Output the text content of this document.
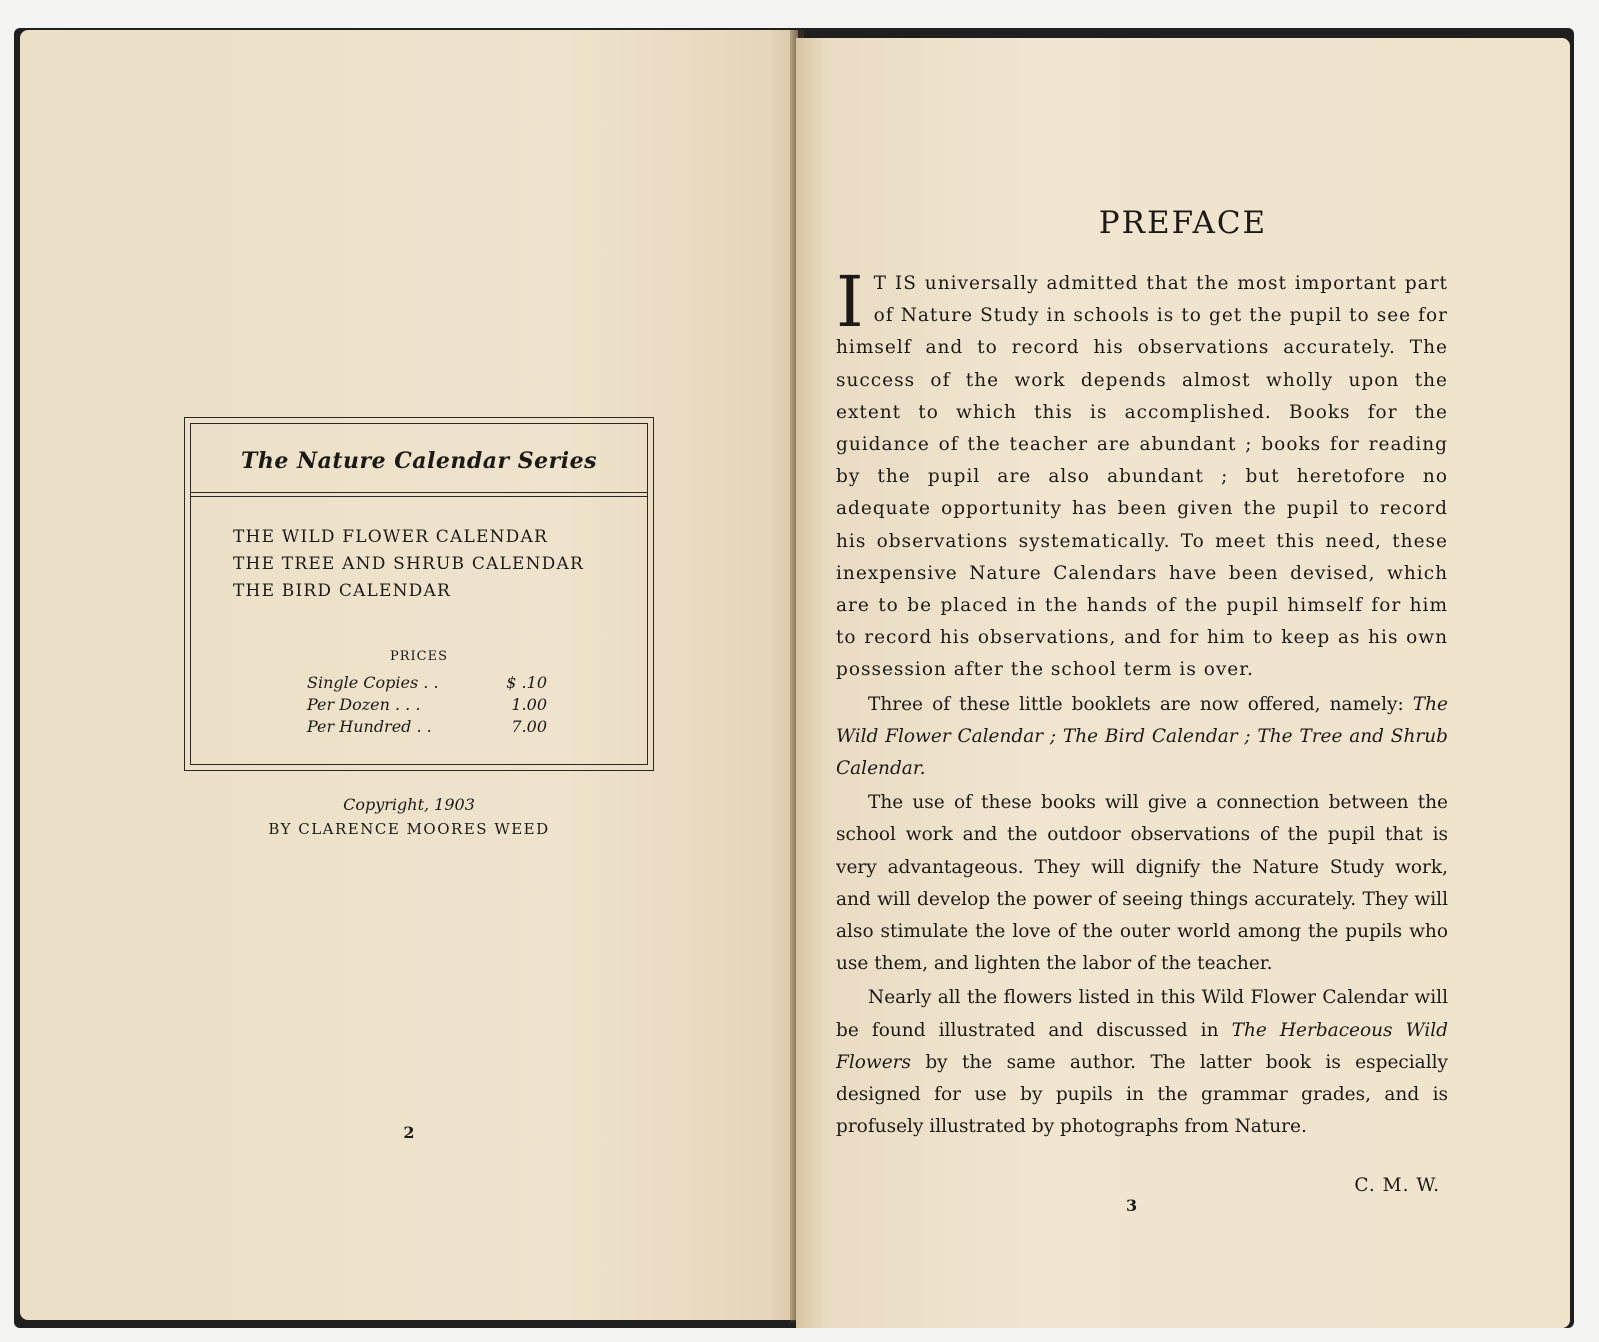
The Nature Calendar Series
THE WILD FLOWER CALENDAR
THE TREE AND SHRUB CALENDAR
THE BIRD CALENDAR
PRICES
Single Copies . .	$ .10
Per Dozen . . .	1.00
Per Hundred . .	7.00
Copyright, 1903
BY CLARENCE MOORES WEED
2
PREFACE

I T IS universally admitted that the most important part of Nature Study in schools is to get the pupil to see for himself and to record his observations accurately. The success of the work depends almost wholly upon the extent to which this is accomplished. Books for the guidance of the teacher are abundant ; books for reading by the pupil are also abundant ; but heretofore no adequate opportunity has been given the pupil to record his observations systematically. To meet this need, these inexpensive Nature Calendars have been devised, which are to be placed in the hands of the pupil himself for him to record his observations, and for him to keep as his own possession after the school term is over.

Three of these little booklets are now offered, namely: The Wild Flower Calendar ; The Bird Calendar ; The Tree and Shrub Calendar.

The use of these books will give a connection between the school work and the outdoor observations of the pupil that is very advantageous. They will dignify the Nature Study work, and will develop the power of seeing things accurately. They will also stimulate the love of the outer world among the pupils who use them, and lighten the labor of the teacher.

Nearly all the flowers listed in this Wild Flower Calendar will be found illustrated and discussed in The Herbaceous Wild Flowers by the same author. The latter book is especially designed for use by pupils in the grammar grades, and is profusely illustrated by photographs from Nature.

C. M. W.
3
